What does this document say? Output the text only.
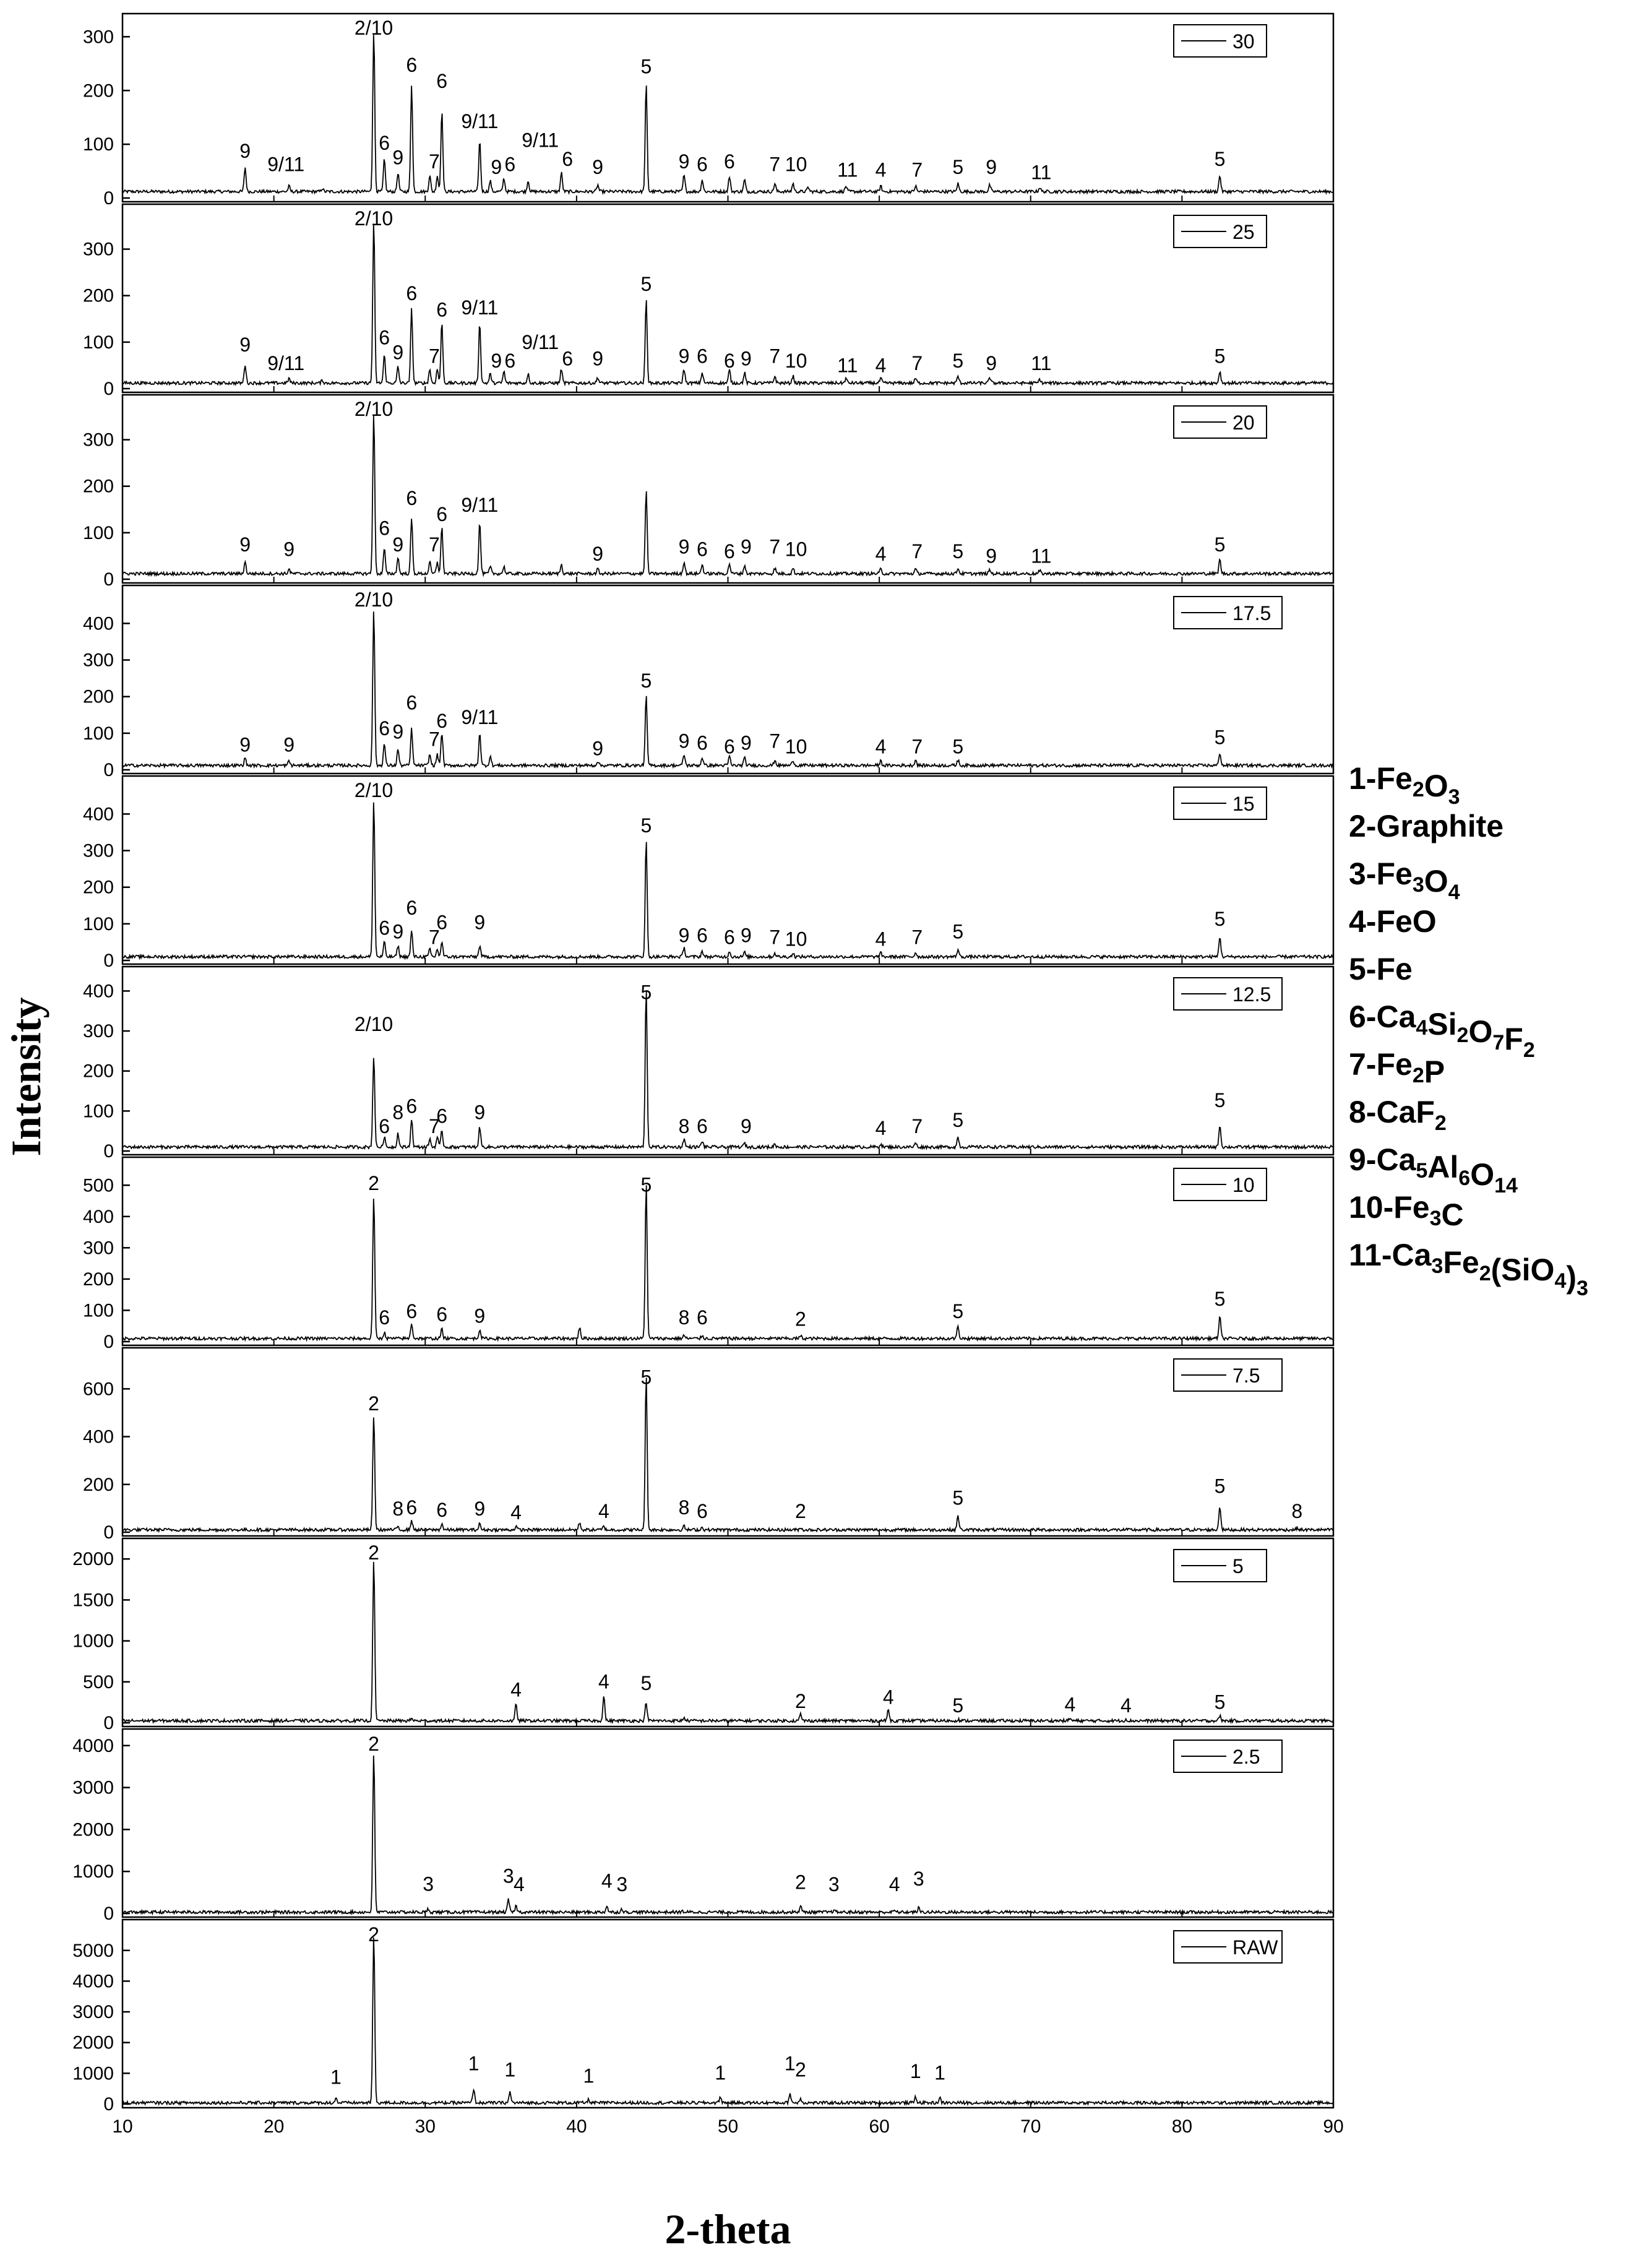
0
100
200
300
9
9/11
2/10
6
9
6
7
6
9/11
9 6
9/11
6 9
5
9 6 6 7 10 11 4 7 5 9 11
5
30
0
100
200
300
9
9/11
2/10
6
9
6
7
6 9/11
9 6
9/11
6 9
5
9 6 6 9 7 10 11 4 7 5 9 11	5
25
0
100
200
300
9 9
2/10
6
9
6
7
6 9/11
9	9 6 6 9 7 10	4 7 5 9 11
5
20
0
100
200
300
400
9 9
2/10
6 9
6
7
6 9/11
9
5
9 6 6 9 7 10	4 7 5	5
17.5
0
100
200
300
400
2/10
6 9
6
7
6 9
5
9 6 6 9 7 10	4 7 5
5
15
0
100
200
300
400
2/10
6
8 6
7
6 9
5
8 6 9	4 7 5
5
12.5
0
100
200
300
400
500	2
6 6 6 9
5
8 6	2	5
5
10
0
200
400
600
2
8 6 6 9 4	4
5
8 6	2
5
5
8
7.5
0
500
1000
1500
2000	2
4	4 5
2	4	5	4 4	5
5
0
1000
2000
3000
4000	2
3	3 4	4 3	2 3	4 3
2.5
0
1000
2000
3000
4000
5000
1
2
1 1	1	1	1 2	1 1
RAW
10	20	30	40	50	60	70	80	90
2-theta
Intensity
$1-Fe_2O_3$
2-Graphite
$3-Fe_3O_4$
4-FeO
5-Fe
$6-Ca_4Si_2O_7F_2$
$7-Fe_2P$
8-CaF$_2$
$9-Ca_5Al_6O_{14}$
$10-Fe_3C$
$11-Ca_3Fe_2(SiO_4)_3$
